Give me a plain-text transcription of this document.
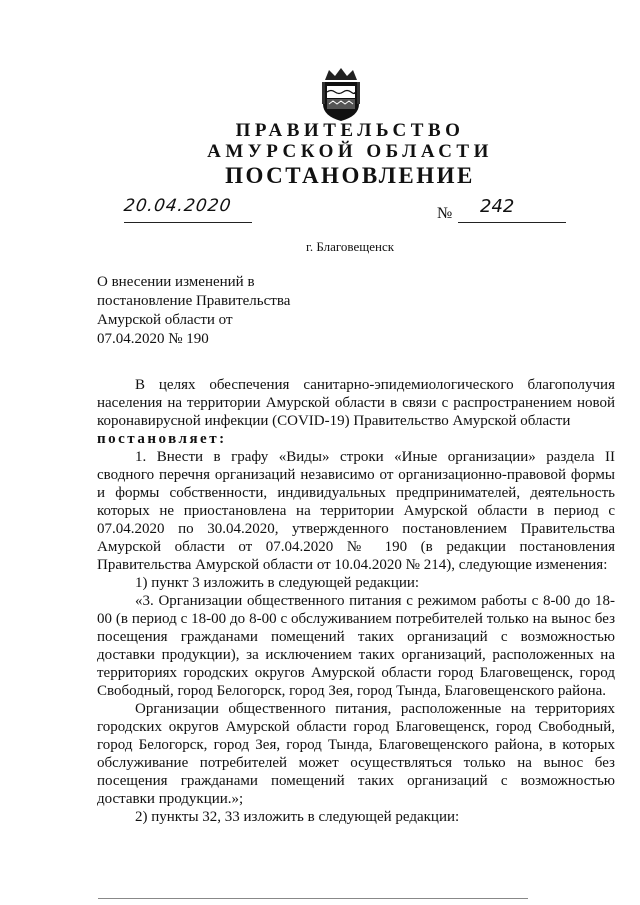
ПРАВИТЕЛЬСТВО
АМУРСКОЙ ОБЛАСТИ
ПОСТАНОВЛЕНИЕ
20.04.2020	№	242
г. Благовещенск
О внесении изменений в
постановление Правительства
Амурской области от
07.04.2020 № 190

В целях обеспечения санитарно-эпидемиологического благополучия населения на территории Амурской области в связи с распространением новой коронавирусной инфекции (COVID-19) Правительство Амурской области

постановляет:

1. Внести в графу «Виды» строки «Иные организации» раздела II сводного перечня организаций независимо от организационно-правовой формы и формы собственности, индивидуальных предпринимателей, деятельность которых не приостановлена на территории Амурской области в период с 07.04.2020 по 30.04.2020, утвержденного постановлением Правительства Амурской области от 07.04.2020 № 190 (в редакции постановления Правительства Амурской области от 10.04.2020 № 214), следующие изменения:

1) пункт 3 изложить в следующей редакции:

«3. Организации общественного питания с режимом работы с 8-00 до 18-00 (в период с 18-00 до 8-00 с обслуживанием потребителей только на вынос без посещения гражданами помещений таких организаций с возможностью доставки продукции), за исключением таких организаций, расположенных на территориях городских округов Амурской области город Благовещенск, город Свободный, город Белогорск, город Зея, город Тында, Благовещенского района.

Организации общественного питания, расположенные на территориях городских округов Амурской области город Благовещенск, город Свободный, город Белогорск, город Зея, город Тында, Благовещенского района, в которых обслуживание потребителей может осуществляться только на вынос без посещения гражданами помещений таких организаций с возможностью доставки продукции.»;

2) пункты 32, 33 изложить в следующей редакции:
